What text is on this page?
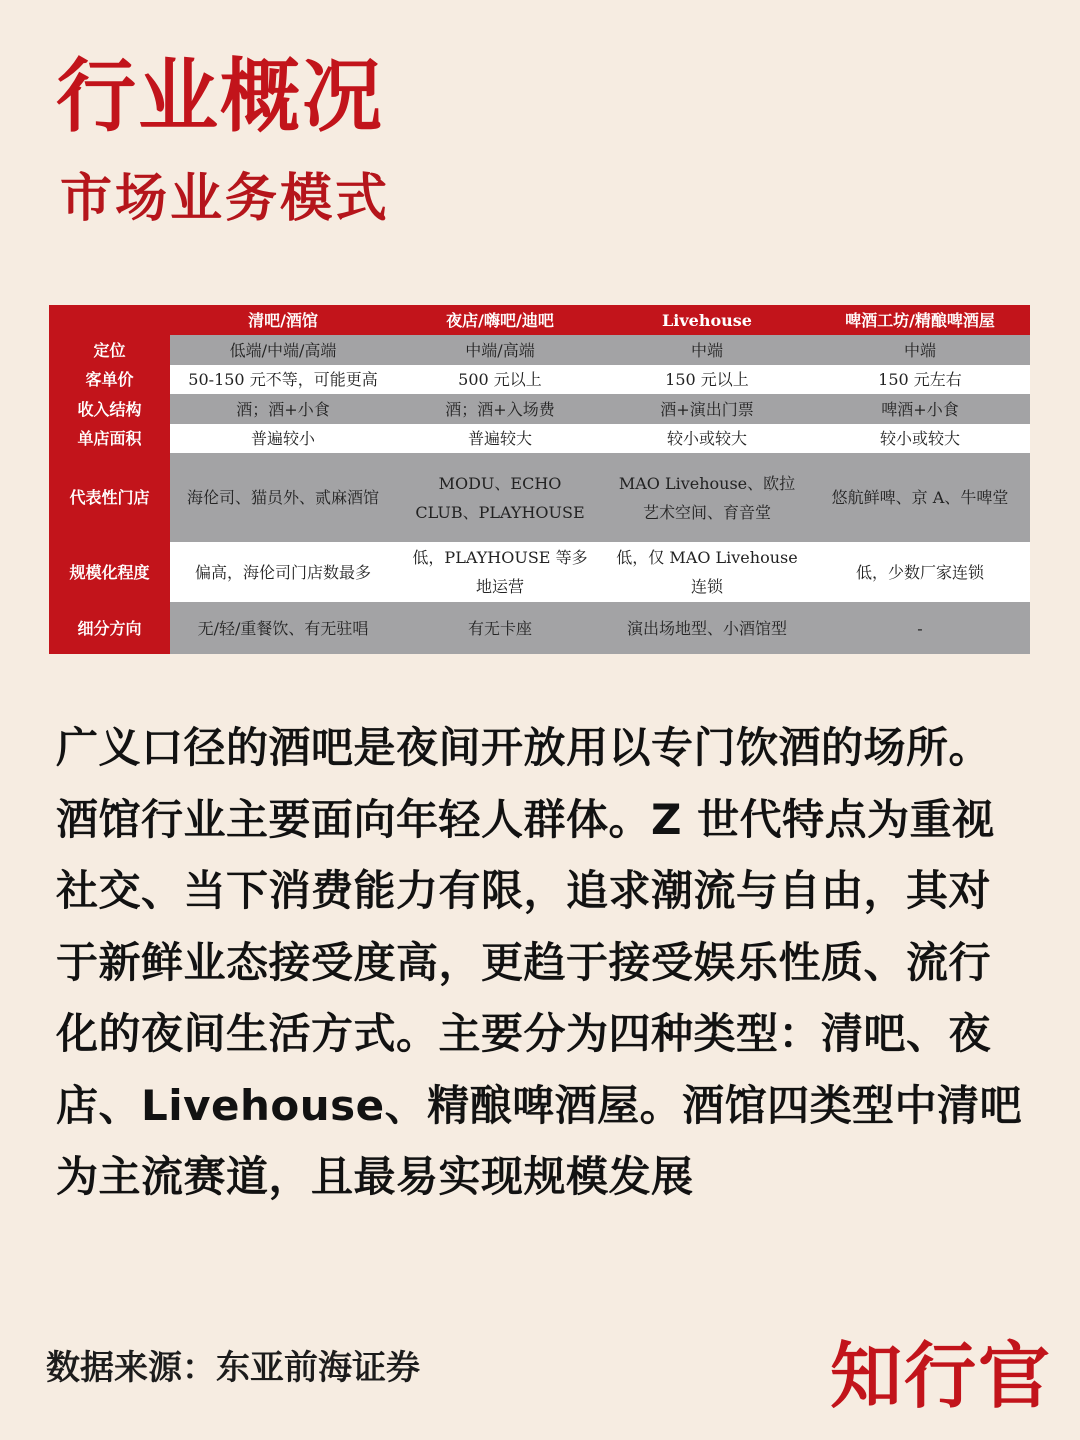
行业概况
市场业务模式
	清吧/酒馆	夜店/嗨吧/迪吧	Livehouse	啤酒工坊/精酿啤酒屋
定位	低端/中端/高端	中端/高端	中端	中端
客单价	50-150 元不等，可能更高	500 元以上	150 元以上	150 元左右
收入结构	酒；酒+小食	酒；酒+入场费	酒+演出门票	啤酒+小食
单店面积	普遍较小	普遍较大	较小或较大	较小或较大
代表性门店	海伦司、猫员外、贰麻酒馆	MODU、ECHO CLUB、PLAYHOUSE	MAO Livehouse、欧拉艺术空间、育音堂	悠航鲜啤、京 A、牛啤堂
规模化程度	偏高，海伦司门店数最多	低，PLAYHOUSE 等多地运营	低，仅 MAO Livehouse 连锁	低，少数厂家连锁
细分方向	无/轻/重餐饮、有无驻唱	有无卡座	演出场地型、小酒馆型	-
广义口径的酒吧是夜间开放用以专门饮酒的场所。酒馆行业主要面向年轻人群体。Z 世代特点为重视社交、当下消费能力有限，追求潮流与自由，其对于新鲜业态接受度高，更趋于接受娱乐性质、流行化的夜间生活方式。主要分为四种类型：清吧、夜店、Livehouse、精酿啤酒屋。酒馆四类型中清吧为主流赛道，且最易实现规模发展
数据来源：东亚前海证券	知行官
